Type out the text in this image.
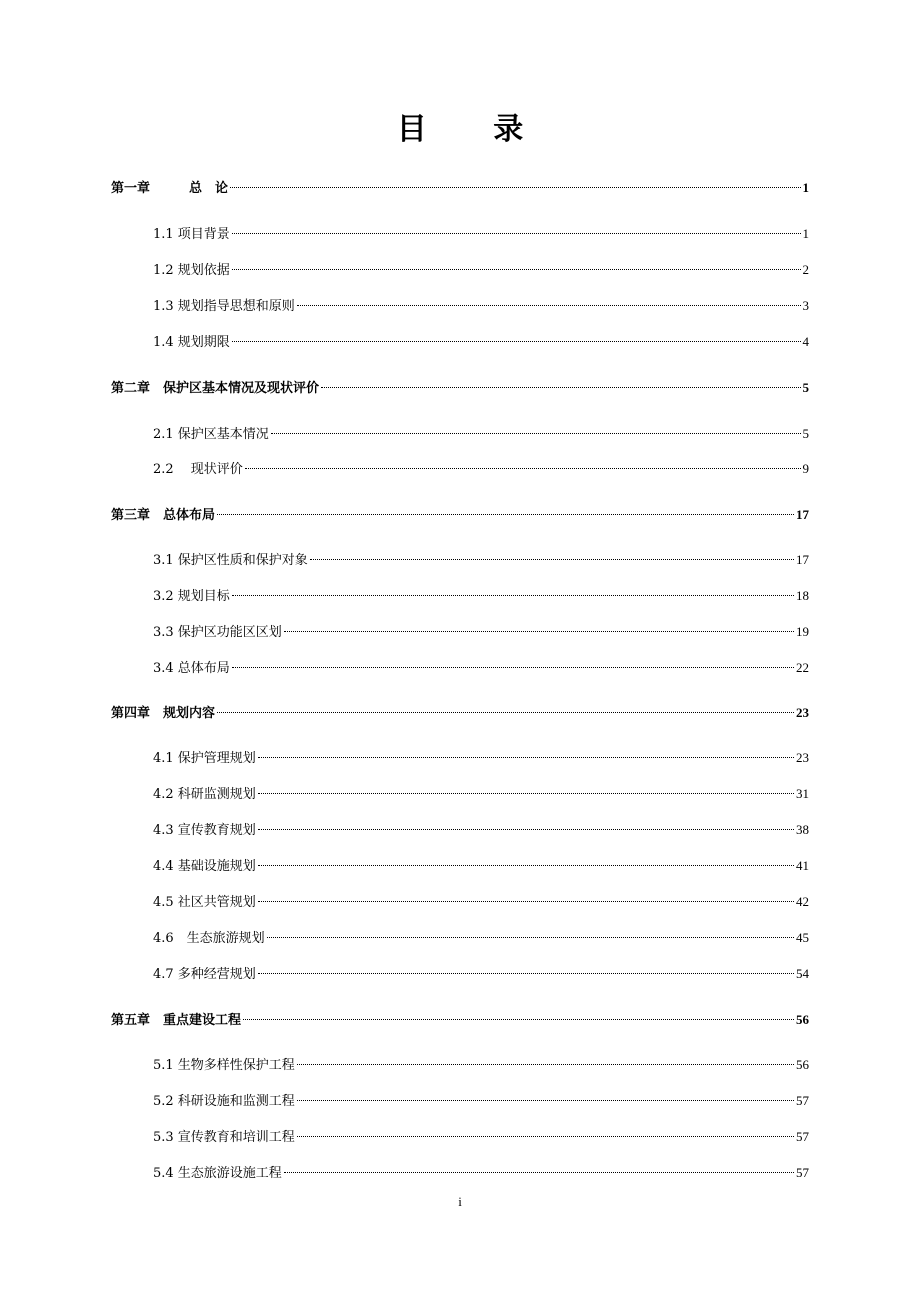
目 录
第一章　　　总　论	1
1.1 项目背景	1
1.2 规划依据	2
1.3 规划指导思想和原则	3
1.4 规划期限	4
第二章　保护区基本情况及现状评价	5
2.1 保护区基本情况	5
2.2　 现状评价	9
第三章　总体布局	17
3.1 保护区性质和保护对象	17
3.2 规划目标	18
3.3 保护区功能区区划	19
3.4 总体布局	22
第四章　规划内容	23
4.1 保护管理规划	23
4.2 科研监测规划	31
4.3 宣传教育规划	38
4.4 基础设施规划	41
4.5 社区共管规划	42
4.6　生态旅游规划	45
4.7 多种经营规划	54
第五章　重点建设工程	56
5.1 生物多样性保护工程	56
5.2 科研设施和监测工程	57
5.3 宣传教育和培训工程	57
5.4 生态旅游设施工程	57
i
